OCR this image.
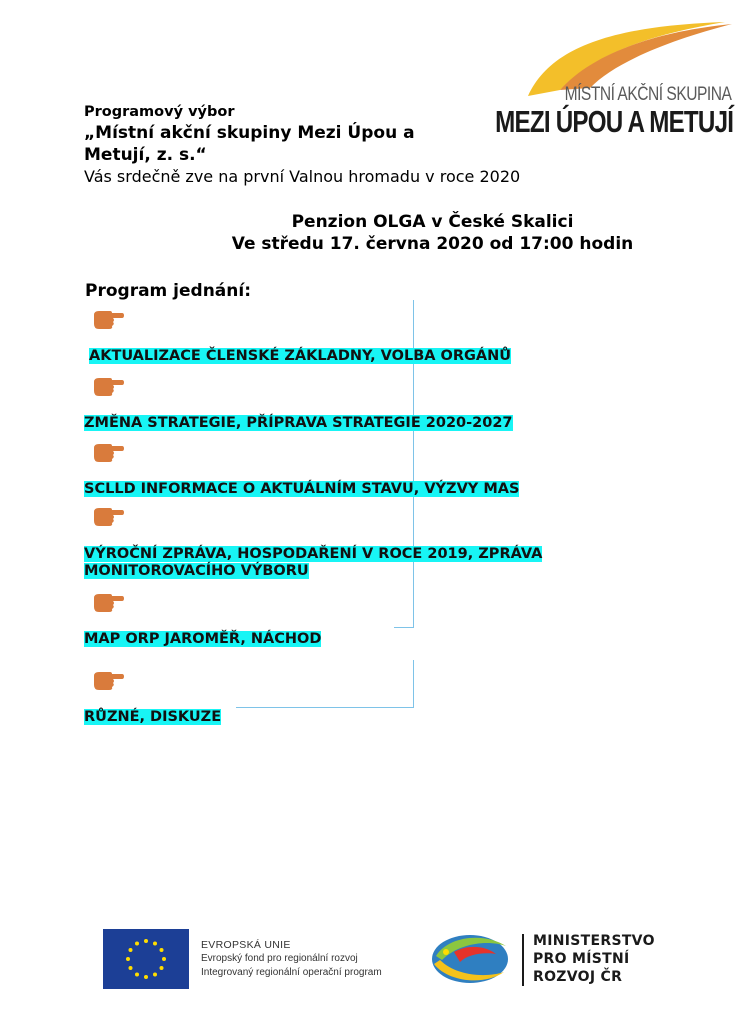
MÍSTNÍ AKČNÍ SKUPINA
MEZI ÚPOU A METUJÍ
Programový výbor
„Místní akční skupiny Mezi Úpou a
Metují, z. s.“
Vás srdečně zve na první Valnou hromadu v roce 2020
Penzion OLGA v České Skalici
Ve středu 17. června 2020 od 17:00 hodin
Program jednání:
AKTUALIZACE ČLENSKÉ ZÁKLADNY, VOLBA ORGÁNŮ
ZMĚNA STRATEGIE, PŘÍPRAVA STRATEGIE 2020-2027
SCLLD INFORMACE O AKTUÁLNÍM STAVU, VÝZVY MAS
VÝROČNÍ ZPRÁVA, HOSPODAŘENÍ V ROCE 2019, ZPRÁVA
MONITOROVACÍHO VÝBORU
MAP ORP JAROMĚŘ, NÁCHOD
RŮZNÉ, DISKUZE
EVROPSKÁ UNIE
Evropský fond pro regionální rozvoj
Integrovaný regionální operační program
MINISTERSTVO
PRO MÍSTNÍ
ROZVOJ ČR
